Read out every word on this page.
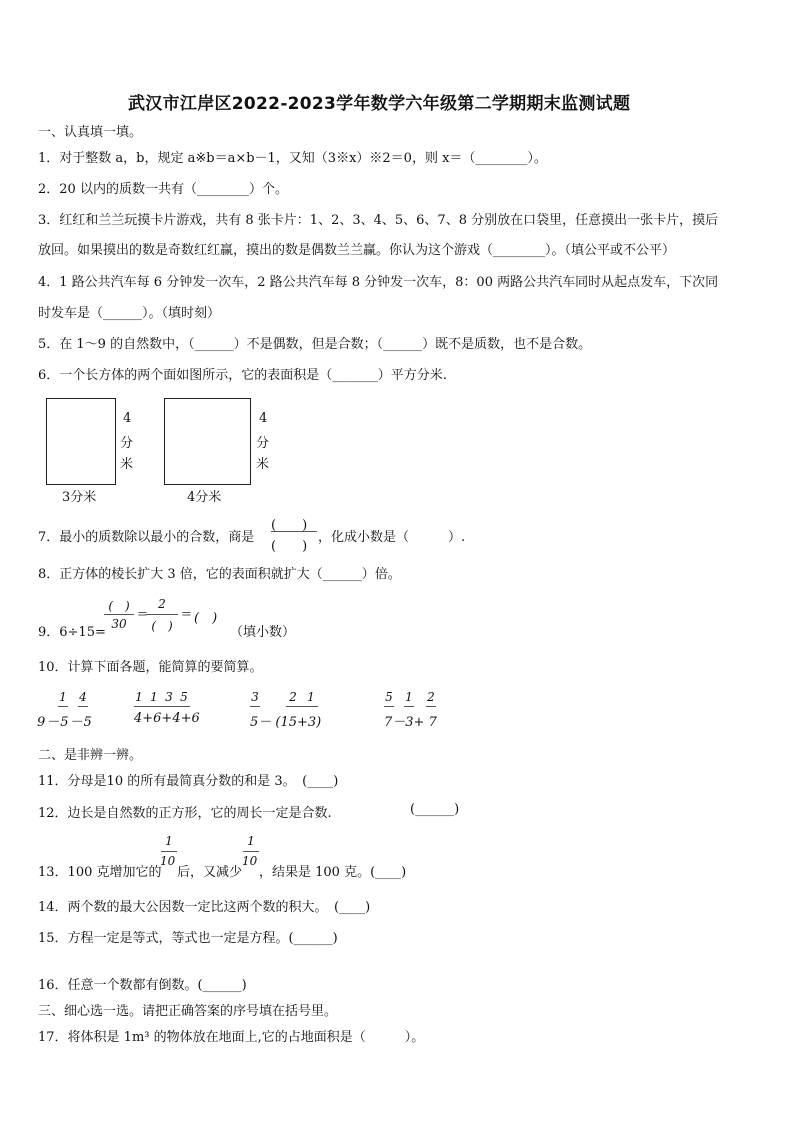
武汉市江岸区2022-2023学年数学六年级第二学期期末监测试题
一、认真填一填。
1．对于整数 a，b，规定 a※b＝a×b－1，又知（3※x）※2＝0，则 x＝（________）。
2．20 以内的质数一共有（________）个。
3．红红和兰兰玩摸卡片游戏，共有 8 张卡片：1、2、3、4、5、6、7、8 分别放在口袋里，任意摸出一张卡片，摸后
放回。如果摸出的数是奇数红红赢，摸出的数是偶数兰兰赢。你认为这个游戏（________）。（填公平或不公平）
4．1 路公共汽车每 6 分钟发一次车，2 路公共汽车每 8 分钟发一次车，8：00 两路公共汽车同时从起点发车，下次同
时发车是（______）。（填时刻）
5．在 1～9 的自然数中，（______）不是偶数，但是合数；（______）既不是质数，也不是合数。
6．一个长方体的两个面如图所示，它的表面积是（_______）平方分米.
4
分
米
3分米
4
分
米
4分米
7．最小的质数除以最小的合数，商是
(　　)
(　　)
，化成小数是（　　　）.
8．正方体的棱长扩大 3 倍，它的表面积就扩大（______）倍。
9．6÷15=
(　)
30
=
2
(　)
= (　)
（填小数）
10．计算下面各题，能简算的要简算。
1 4
9－5－5
1 1 3 5
4+6+4+6
3	2 1
5－ (15+3)
5 1 2
7－3+ 7
二、是非辨一辨。
11．分母是10 的所有最简真分数的和是 3。　(____)
12．边长是自然数的正方形，它的周长一定是合数.	(______)
1
10
1
10
13．100 克增加它的 后，又减少 ，结果是 100 克。(____)
14．两个数的最大公因数一定比这两个数的积大。　(____)
15．方程一定是等式，等式也一定是方程。(______)
16．任意一个数都有倒数。(______)
三、细心选一选。请把正确答案的序号填在括号里。
17．将体积是 1m³ 的物体放在地面上,它的占地面积是（　　　）。
